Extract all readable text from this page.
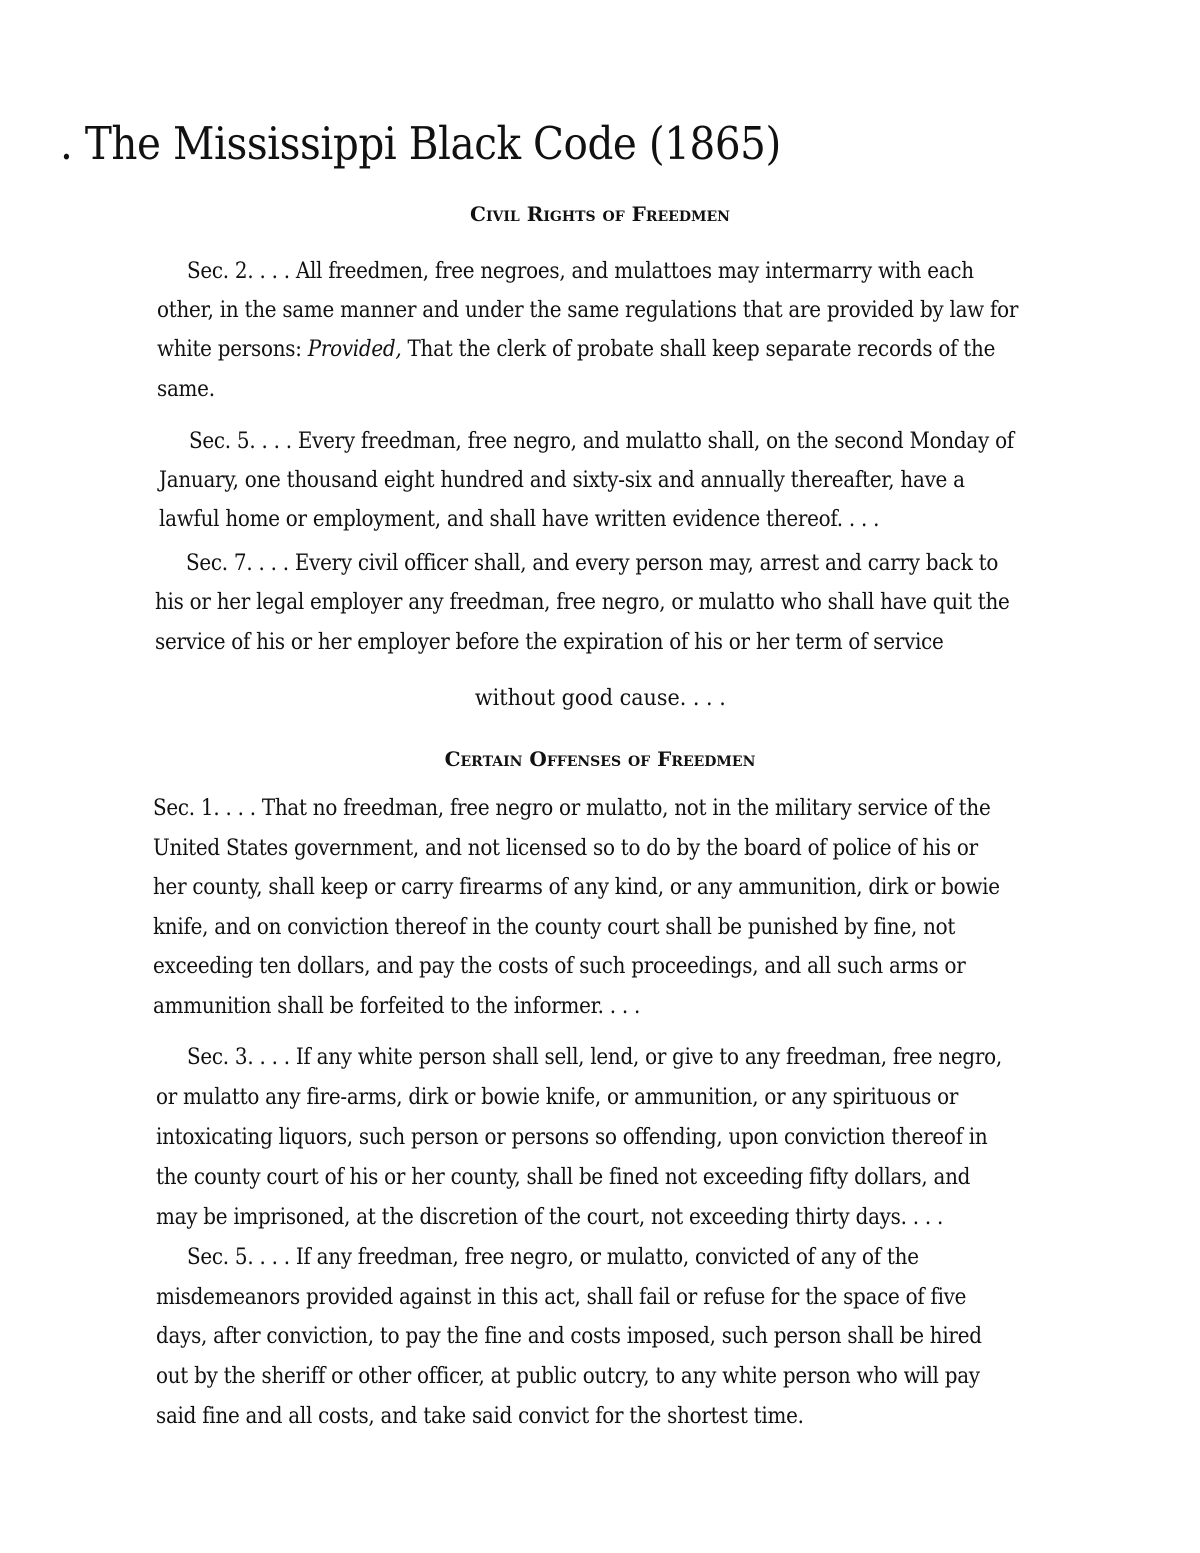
. The Mississippi Black Code (1865)
Civil Rights of Freedmen
Sec. 2. . . . All freedmen, free negroes, and mulattoes may intermarry with each
other, in the same manner and under the same regulations that are provided by law for
white persons: Provided, That the clerk of probate shall keep separate records of the
same.
Sec. 5. . . . Every freedman, free negro, and mulatto shall, on the second Monday of
January, one thousand eight hundred and sixty-six and annually thereafter, have a
lawful home or employment, and shall have written evidence thereof. . . .
Sec. 7. . . . Every civil officer shall, and every person may, arrest and carry back to
his or her legal employer any freedman, free negro, or mulatto who shall have quit the
service of his or her employer before the expiration of his or her term of service
without good cause. . . .
Certain Offenses of Freedmen
Sec. 1. . . . That no freedman, free negro or mulatto, not in the military service of the
United States government, and not licensed so to do by the board of police of his or
her county, shall keep or carry firearms of any kind, or any ammunition, dirk or bowie
knife, and on conviction thereof in the county court shall be punished by fine, not
exceeding ten dollars, and pay the costs of such proceedings, and all such arms or
ammunition shall be forfeited to the informer. . . .
Sec. 3. . . . If any white person shall sell, lend, or give to any freedman, free negro,
or mulatto any fire-arms, dirk or bowie knife, or ammunition, or any spirituous or
intoxicating liquors, such person or persons so offending, upon conviction thereof in
the county court of his or her county, shall be fined not exceeding fifty dollars, and
may be imprisoned, at the discretion of the court, not exceeding thirty days. . . .
Sec. 5. . . . If any freedman, free negro, or mulatto, convicted of any of the
misdemeanors provided against in this act, shall fail or refuse for the space of five
days, after conviction, to pay the fine and costs imposed, such person shall be hired
out by the sheriff or other officer, at public outcry, to any white person who will pay
said fine and all costs, and take said convict for the shortest time.
